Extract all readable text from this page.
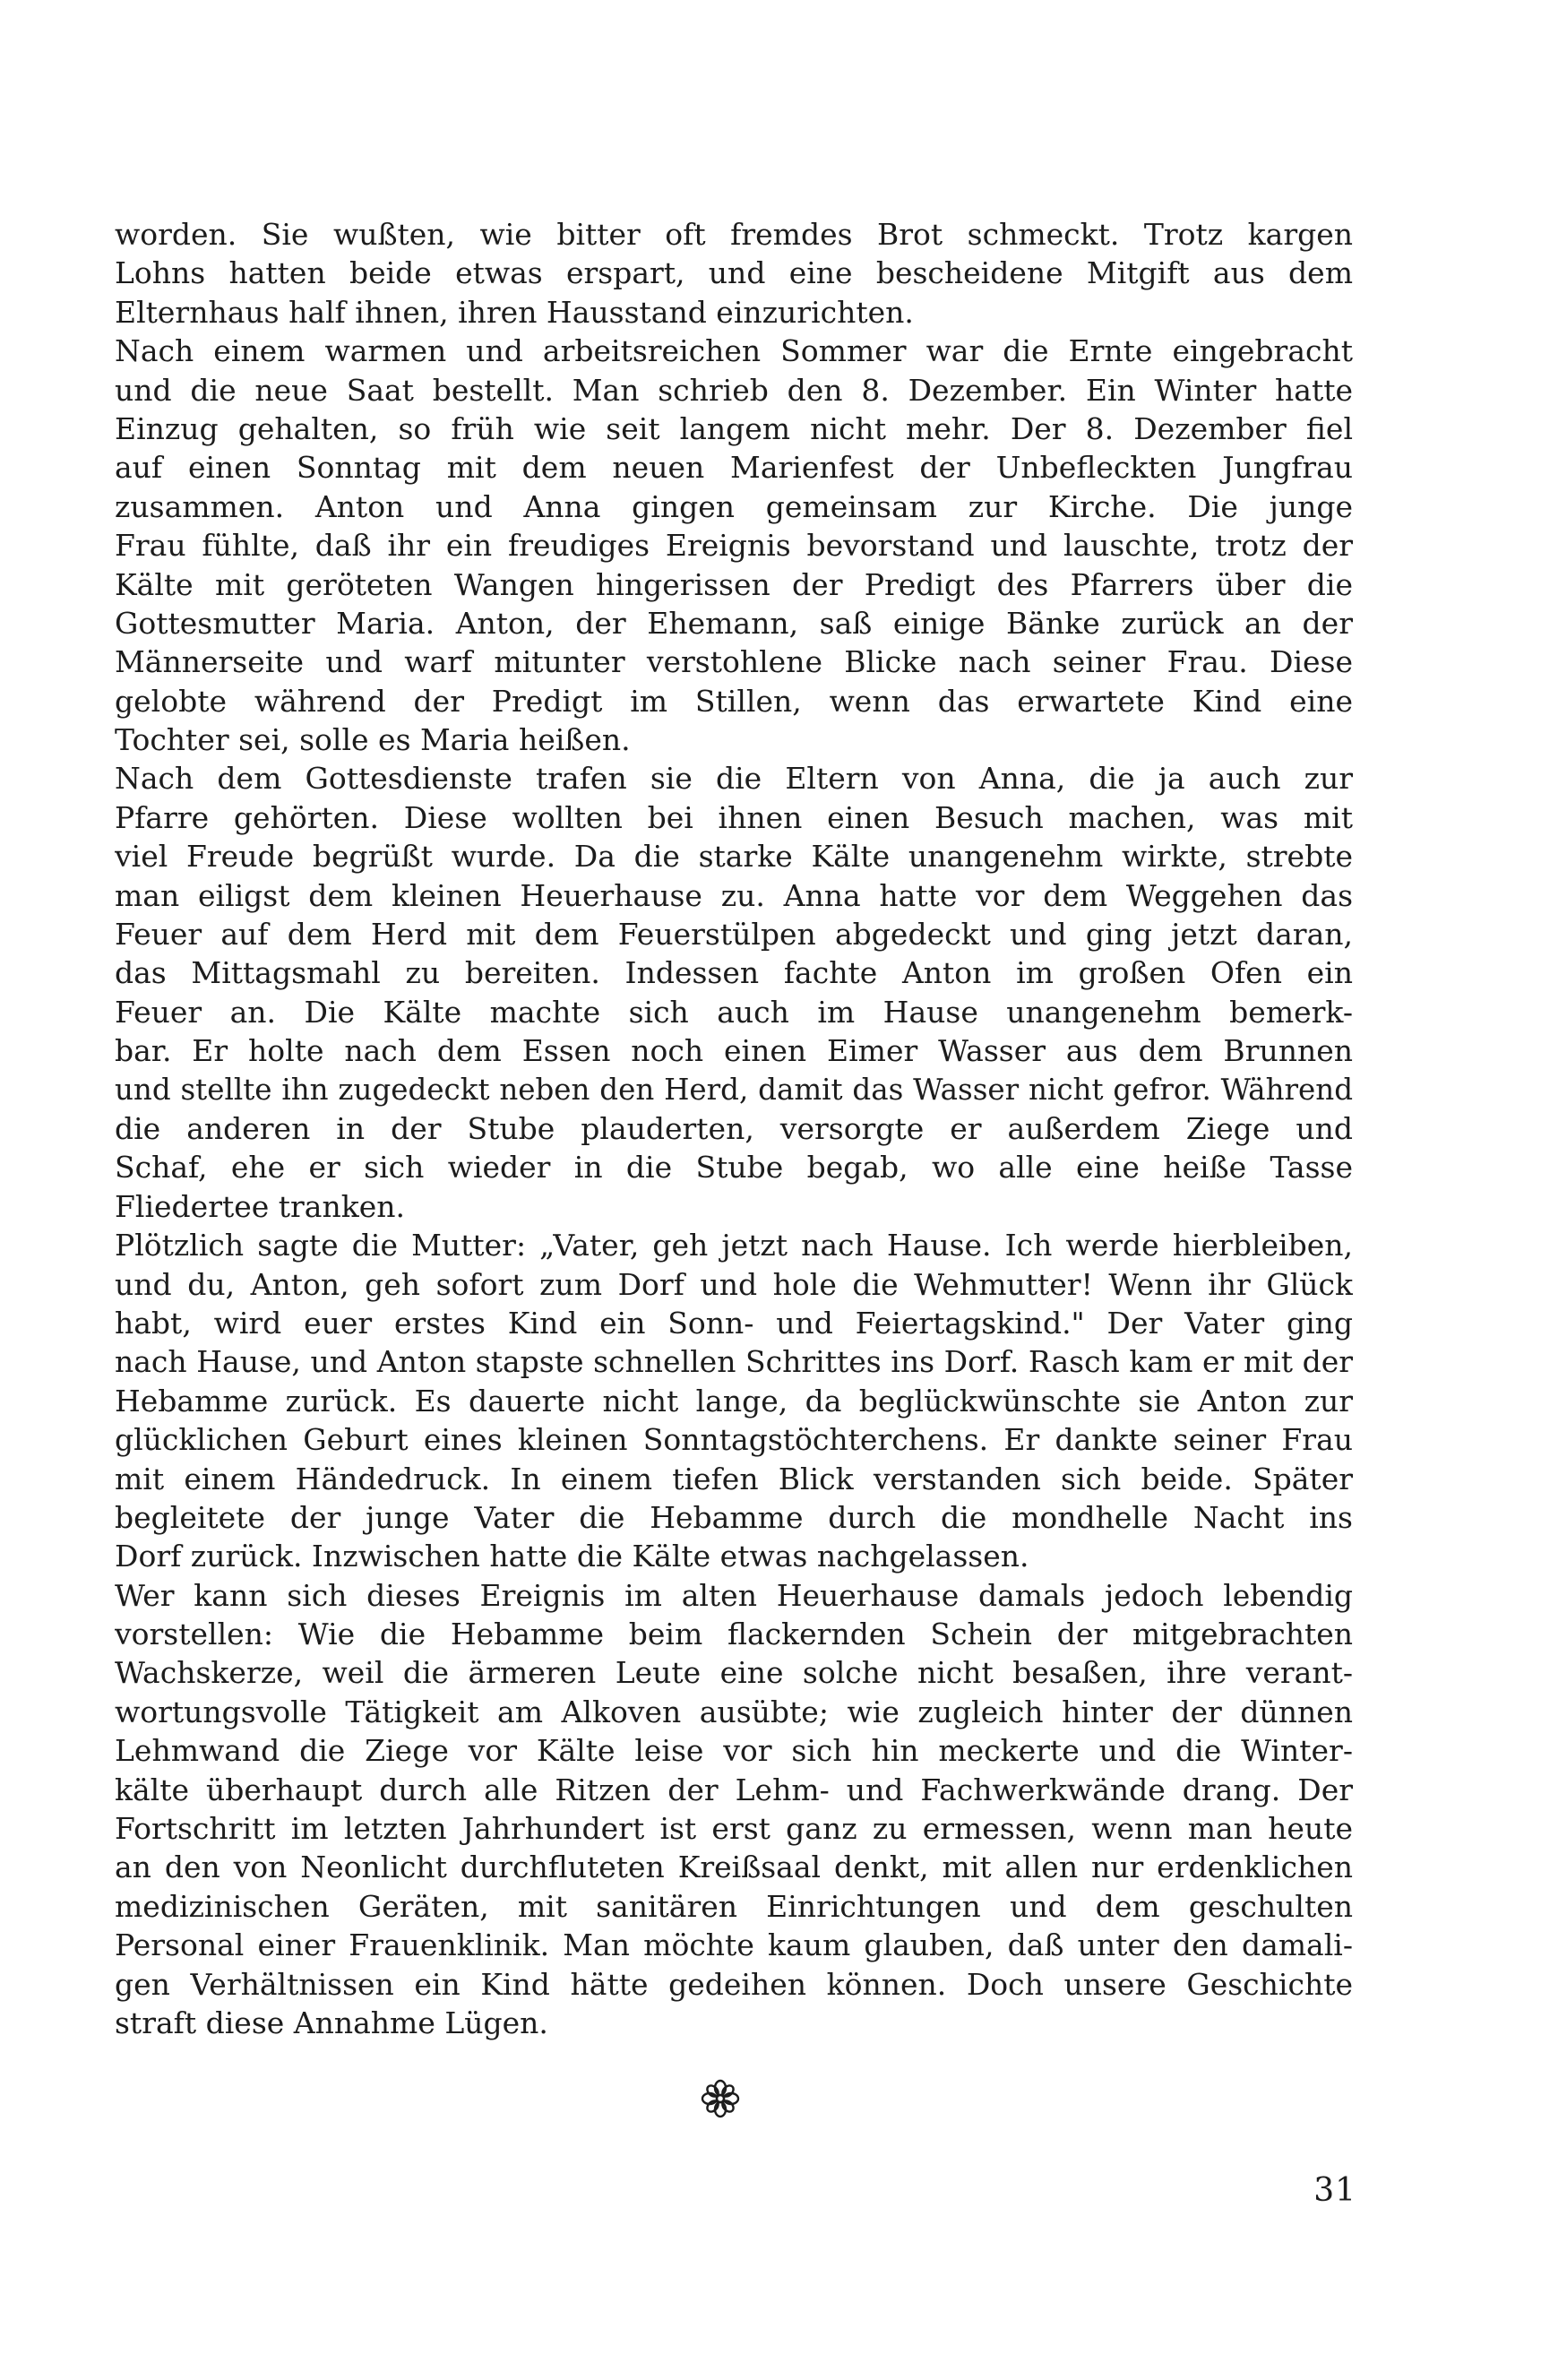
worden. Sie wußten, wie bitter oft fremdes Brot schmeckt. Trotz kargen
Lohns hatten beide etwas erspart, und eine bescheidene Mitgift aus dem
Elternhaus half ihnen, ihren Hausstand einzurichten.
Nach einem warmen und arbeitsreichen Sommer war die Ernte eingebracht
und die neue Saat bestellt. Man schrieb den 8. Dezember. Ein Winter hatte
Einzug gehalten, so früh wie seit langem nicht mehr. Der 8. Dezember fiel
auf einen Sonntag mit dem neuen Marienfest der Unbefleckten Jungfrau
zusammen. Anton und Anna gingen gemeinsam zur Kirche. Die junge
Frau fühlte, daß ihr ein freudiges Ereignis bevorstand und lauschte, trotz der
Kälte mit geröteten Wangen hingerissen der Predigt des Pfarrers über die
Gottesmutter Maria. Anton, der Ehemann, saß einige Bänke zurück an der
Männerseite und warf mitunter verstohlene Blicke nach seiner Frau. Diese
gelobte während der Predigt im Stillen, wenn das erwartete Kind eine
Tochter sei, solle es Maria heißen.
Nach dem Gottesdienste trafen sie die Eltern von Anna, die ja auch zur
Pfarre gehörten. Diese wollten bei ihnen einen Besuch machen, was mit
viel Freude begrüßt wurde. Da die starke Kälte unangenehm wirkte, strebte
man eiligst dem kleinen Heuerhause zu. Anna hatte vor dem Weggehen das
Feuer auf dem Herd mit dem Feuerstülpen abgedeckt und ging jetzt daran,
das Mittagsmahl zu bereiten. Indessen fachte Anton im großen Ofen ein
Feuer an. Die Kälte machte sich auch im Hause unangenehm bemerk-
bar. Er holte nach dem Essen noch einen Eimer Wasser aus dem Brunnen
und stellte ihn zugedeckt neben den Herd, damit das Wasser nicht gefror. Während
die anderen in der Stube plauderten, versorgte er außerdem Ziege und
Schaf, ehe er sich wieder in die Stube begab, wo alle eine heiße Tasse
Fliedertee tranken.
Plötzlich sagte die Mutter: „Vater, geh jetzt nach Hause. Ich werde hierbleiben,
und du, Anton, geh sofort zum Dorf und hole die Wehmutter! Wenn ihr Glück
habt, wird euer erstes Kind ein Sonn- und Feiertagskind." Der Vater ging
nach Hause, und Anton stapste schnellen Schrittes ins Dorf. Rasch kam er mit der
Hebamme zurück. Es dauerte nicht lange, da beglückwünschte sie Anton zur
glücklichen Geburt eines kleinen Sonntagstöchterchens. Er dankte seiner Frau
mit einem Händedruck. In einem tiefen Blick verstanden sich beide. Später
begleitete der junge Vater die Hebamme durch die mondhelle Nacht ins
Dorf zurück. Inzwischen hatte die Kälte etwas nachgelassen.
Wer kann sich dieses Ereignis im alten Heuerhause damals jedoch lebendig
vorstellen: Wie die Hebamme beim flackernden Schein der mitgebrachten
Wachskerze, weil die ärmeren Leute eine solche nicht besaßen, ihre verant-
wortungsvolle Tätigkeit am Alkoven ausübte; wie zugleich hinter der dünnen
Lehmwand die Ziege vor Kälte leise vor sich hin meckerte und die Winter-
kälte überhaupt durch alle Ritzen der Lehm- und Fachwerkwände drang. Der
Fortschritt im letzten Jahrhundert ist erst ganz zu ermessen, wenn man heute
an den von Neonlicht durchfluteten Kreißsaal denkt, mit allen nur erdenklichen
medizinischen Geräten, mit sanitären Einrichtungen und dem geschulten
Personal einer Frauenklinik. Man möchte kaum glauben, daß unter den damali-
gen Verhältnissen ein Kind hätte gedeihen können. Doch unsere Geschichte
straft diese Annahme Lügen.
31
